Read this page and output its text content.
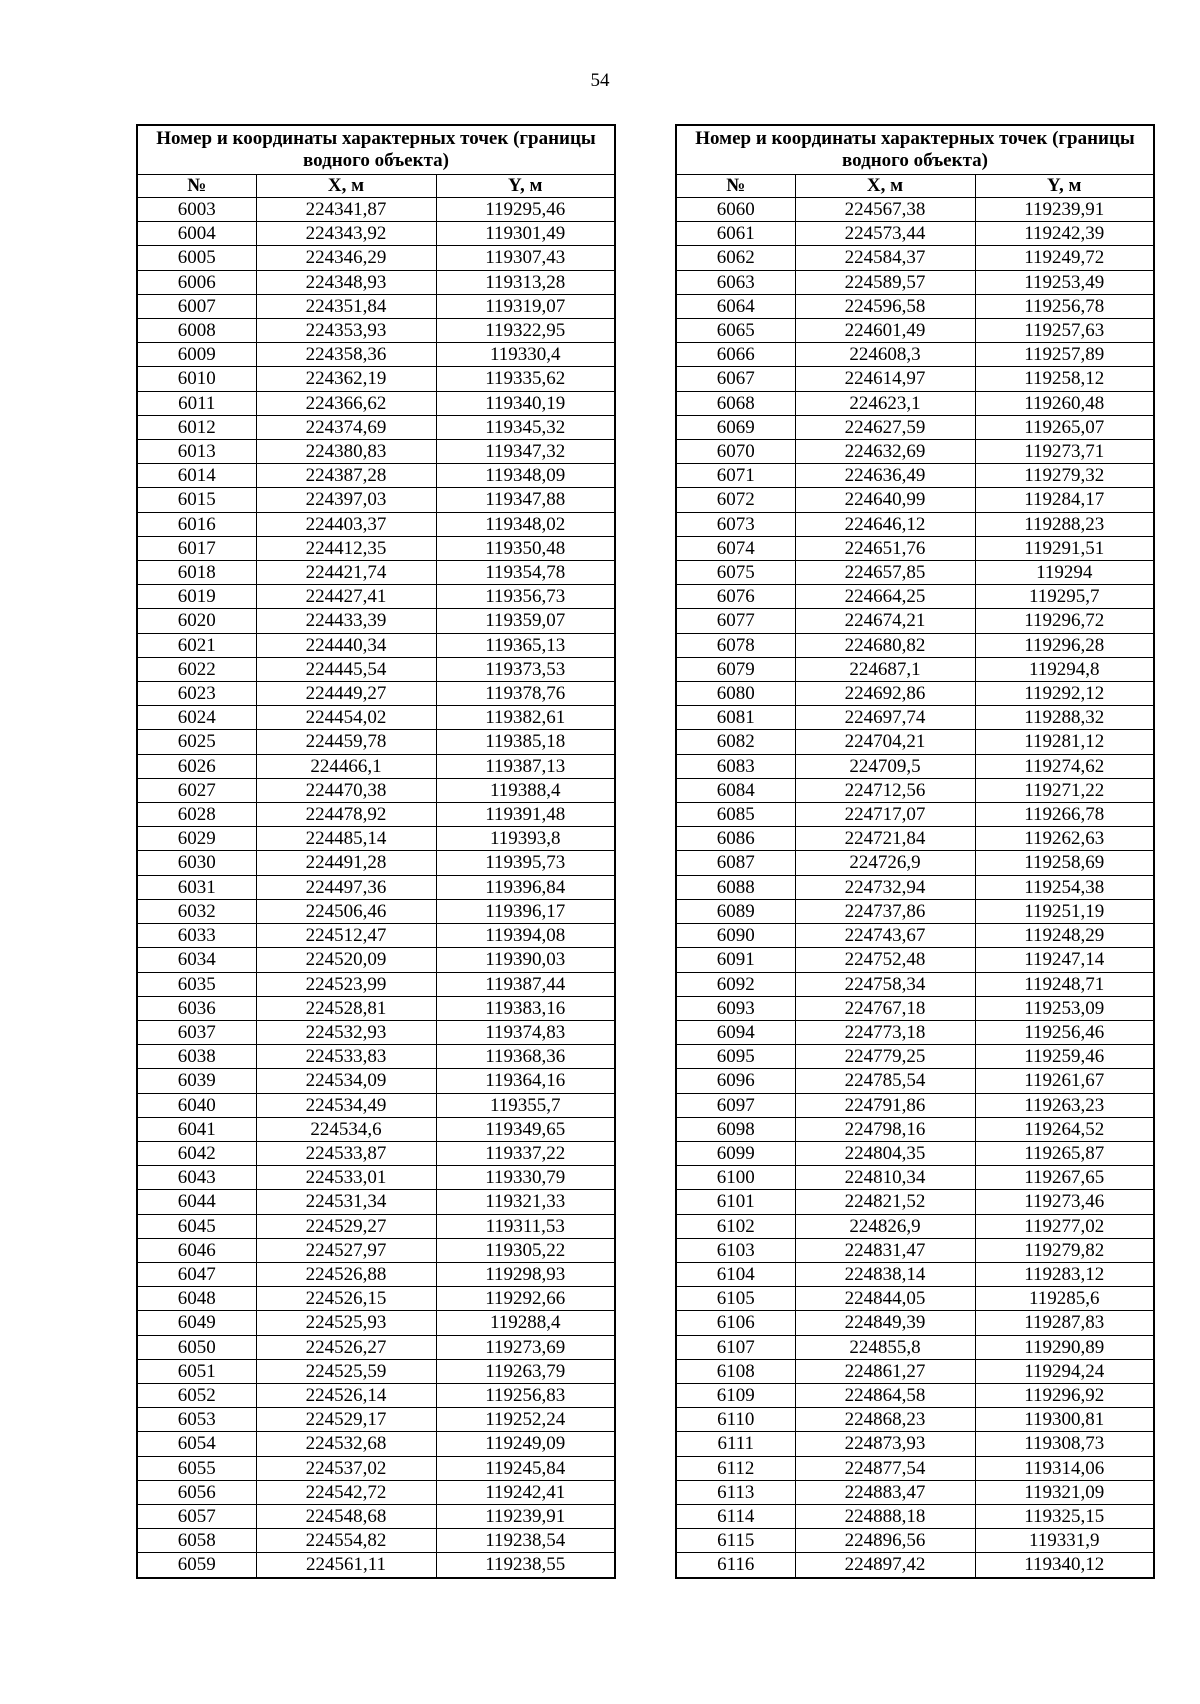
54
Номер и координаты характерных точек (границы водного объекта)		
№	X, м	Y, м
6003	224341,87	119295,46
6004	224343,92	119301,49
6005	224346,29	119307,43
6006	224348,93	119313,28
6007	224351,84	119319,07
6008	224353,93	119322,95
6009	224358,36	119330,4
6010	224362,19	119335,62
6011	224366,62	119340,19
6012	224374,69	119345,32
6013	224380,83	119347,32
6014	224387,28	119348,09
6015	224397,03	119347,88
6016	224403,37	119348,02
6017	224412,35	119350,48
6018	224421,74	119354,78
6019	224427,41	119356,73
6020	224433,39	119359,07
6021	224440,34	119365,13
6022	224445,54	119373,53
6023	224449,27	119378,76
6024	224454,02	119382,61
6025	224459,78	119385,18
6026	224466,1	119387,13
6027	224470,38	119388,4
6028	224478,92	119391,48
6029	224485,14	119393,8
6030	224491,28	119395,73
6031	224497,36	119396,84
6032	224506,46	119396,17
6033	224512,47	119394,08
6034	224520,09	119390,03
6035	224523,99	119387,44
6036	224528,81	119383,16
6037	224532,93	119374,83
6038	224533,83	119368,36
6039	224534,09	119364,16
6040	224534,49	119355,7
6041	224534,6	119349,65
6042	224533,87	119337,22
6043	224533,01	119330,79
6044	224531,34	119321,33
6045	224529,27	119311,53
6046	224527,97	119305,22
6047	224526,88	119298,93
6048	224526,15	119292,66
6049	224525,93	119288,4
6050	224526,27	119273,69
6051	224525,59	119263,79
6052	224526,14	119256,83
6053	224529,17	119252,24
6054	224532,68	119249,09
6055	224537,02	119245,84
6056	224542,72	119242,41
6057	224548,68	119239,91
6058	224554,82	119238,54
6059	224561,11	119238,55
Номер и координаты характерных точек (границы водного объекта)		
№	X, м	Y, м
6060	224567,38	119239,91
6061	224573,44	119242,39
6062	224584,37	119249,72
6063	224589,57	119253,49
6064	224596,58	119256,78
6065	224601,49	119257,63
6066	224608,3	119257,89
6067	224614,97	119258,12
6068	224623,1	119260,48
6069	224627,59	119265,07
6070	224632,69	119273,71
6071	224636,49	119279,32
6072	224640,99	119284,17
6073	224646,12	119288,23
6074	224651,76	119291,51
6075	224657,85	119294
6076	224664,25	119295,7
6077	224674,21	119296,72
6078	224680,82	119296,28
6079	224687,1	119294,8
6080	224692,86	119292,12
6081	224697,74	119288,32
6082	224704,21	119281,12
6083	224709,5	119274,62
6084	224712,56	119271,22
6085	224717,07	119266,78
6086	224721,84	119262,63
6087	224726,9	119258,69
6088	224732,94	119254,38
6089	224737,86	119251,19
6090	224743,67	119248,29
6091	224752,48	119247,14
6092	224758,34	119248,71
6093	224767,18	119253,09
6094	224773,18	119256,46
6095	224779,25	119259,46
6096	224785,54	119261,67
6097	224791,86	119263,23
6098	224798,16	119264,52
6099	224804,35	119265,87
6100	224810,34	119267,65
6101	224821,52	119273,46
6102	224826,9	119277,02
6103	224831,47	119279,82
6104	224838,14	119283,12
6105	224844,05	119285,6
6106	224849,39	119287,83
6107	224855,8	119290,89
6108	224861,27	119294,24
6109	224864,58	119296,92
6110	224868,23	119300,81
6111	224873,93	119308,73
6112	224877,54	119314,06
6113	224883,47	119321,09
6114	224888,18	119325,15
6115	224896,56	119331,9
6116	224897,42	119340,12
